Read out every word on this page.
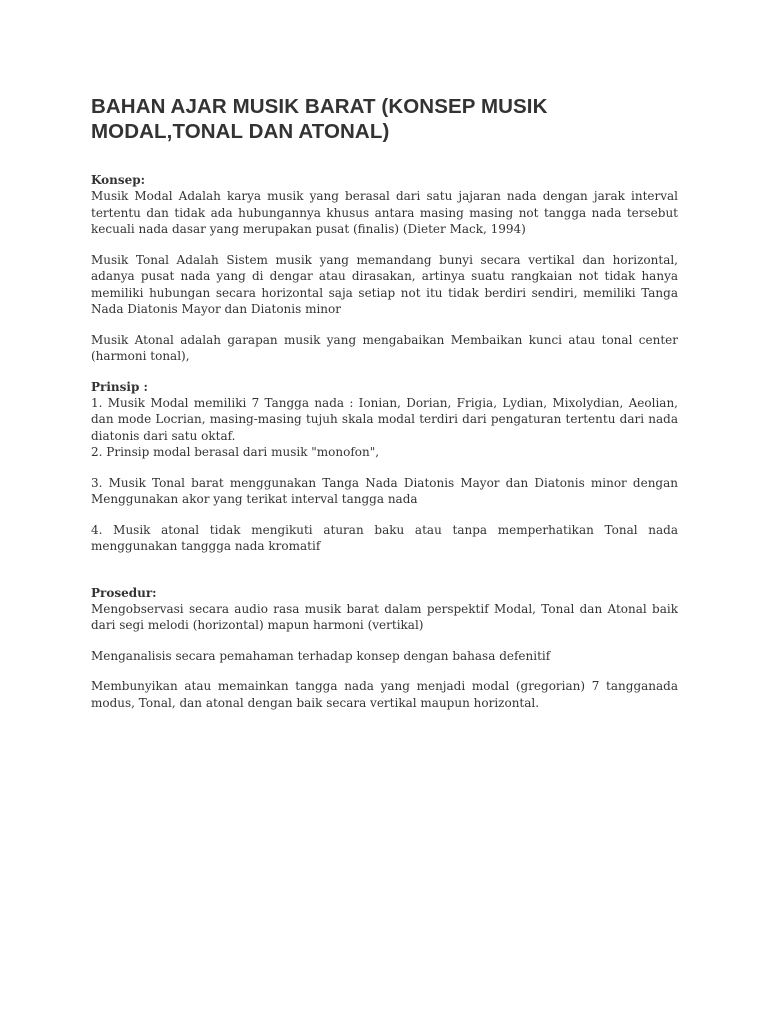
BAHAN AJAR MUSIK BARAT (KONSEP MUSIK MODAL,TONAL DAN ATONAL)

Konsep:

Musik Modal Adalah karya musik yang berasal dari satu jajaran nada dengan jarak interval tertentu dan tidak ada hubungannya khusus antara masing masing not tangga nada tersebut kecuali nada dasar yang merupakan pusat (finalis) (Dieter Mack, 1994)

Musik Tonal Adalah Sistem musik yang memandang bunyi secara vertikal dan horizontal, adanya pusat nada yang di dengar atau dirasakan, artinya suatu rangkaian not tidak hanya memiliki hubungan secara horizontal saja setiap not itu tidak berdiri sendiri, memiliki Tanga Nada Diatonis Mayor dan Diatonis minor

Musik Atonal adalah garapan musik yang mengabaikan Membaikan kunci atau tonal center (harmoni tonal),

Prinsip :

1. Musik Modal memiliki 7 Tangga nada : Ionian, Dorian, Frigia, Lydian, Mixolydian, Aeolian, dan mode Locrian, masing-masing tujuh skala modal terdiri dari pengaturan tertentu dari nada diatonis dari satu oktaf.

2. Prinsip modal berasal dari musik "monofon",

3. Musik Tonal barat menggunakan Tanga Nada Diatonis Mayor dan Diatonis minor dengan Menggunakan akor yang terikat interval tangga nada

4. Musik atonal tidak mengikuti aturan baku atau tanpa memperhatikan Tonal nada menggunakan tanggga nada kromatif

Prosedur:

Mengobservasi secara audio rasa musik barat dalam perspektif Modal, Tonal dan Atonal baik dari segi melodi (horizontal) mapun harmoni (vertikal)

Menganalisis secara pemahaman terhadap konsep dengan bahasa defenitif

Membunyikan atau memainkan tangga nada yang menjadi modal (gregorian) 7 tangganada modus, Tonal, dan atonal dengan baik secara vertikal maupun horizontal.
